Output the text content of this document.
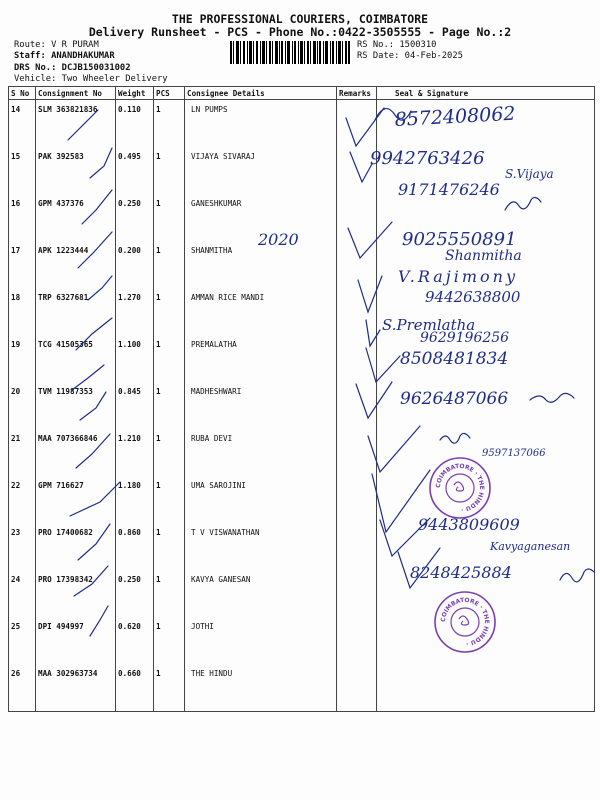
THE PROFESSIONAL COURIERS, COIMBATORE
Delivery Runsheet - PCS - Phone No.:0422-3505555 - Page No.:2
Route: V R PURAM
Staff: ANANDHAKUMAR
DRS No.: DCJB150031002
Vehicle: Two Wheeler Delivery
RS No.: 1500310
RS Date: 04-Feb-2025
S No	Consignment No	Weight	PCS	Consignee Details	Remarks	Seal & Signature
14	SLM 363821836	0.110	1	LN PUMPS		
15	PAK 392583	0.495	1	VIJAYA SIVARAJ		
16	GPM 437376	0.250	1	GANESHKUMAR		
17	APK 1223444	0.200	1	SHANMITHA		
18	TRP 6327681	1.270	1	AMMAN RICE MANDI		
19	TCG 41505365	1.100	1	PREMALATHA		
20	TVM 11987353	0.845	1	MADHESHWARI		
21	MAA 707366846	1.210	1	RUBA DEVI		
22	GPM 716627	1.180	1	UMA SAROJINI		
23	PRO 17400682	0.860	1	T V VISWANATHAN		
24	PRO 17398342	0.250	1	KAVYA GANESAN		
25	DPI 494997	0.620	1	JOTHI		
26	MAA 302963734	0.660	1	THE HINDU		
8572408062
9942763426
S.Vijaya
9171476246
2020	9025550891
Shanmitha
V.Rajimony
9442638800
S.Premlatha
9629196256
8508481834
9626487066
9597137066
9443809609
Kavyaganesan
8248425884
COIMBATORE · THE HINDU ·
COIMBATORE · THE HINDU ·
